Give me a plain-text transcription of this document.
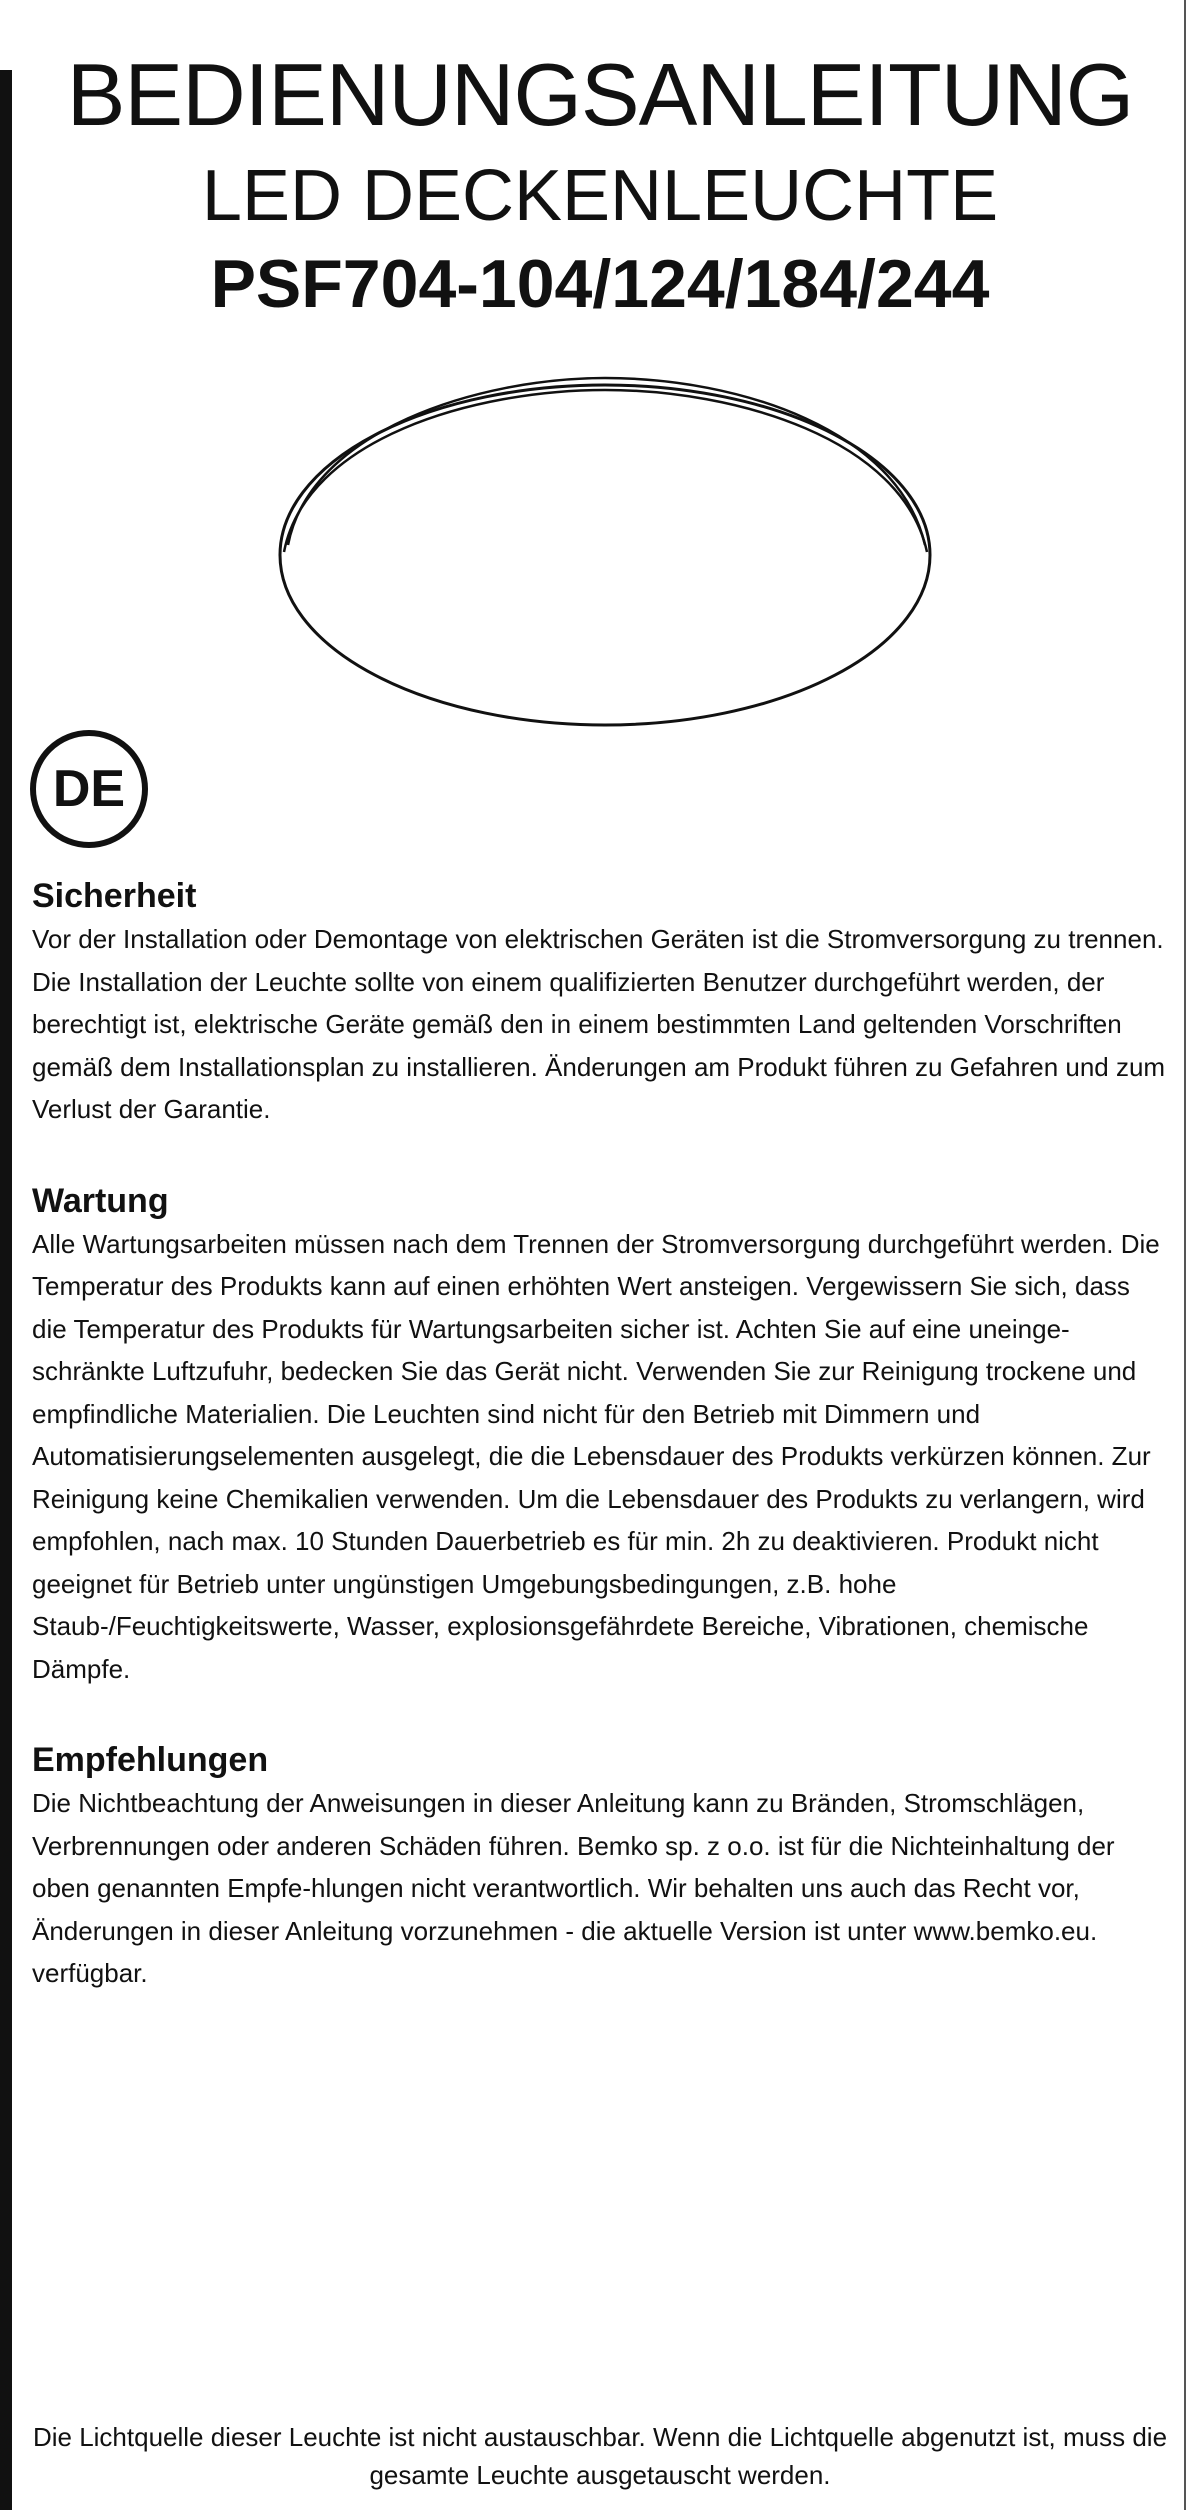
BEDIENUNGSANLEITUNG
LED DECKENLEUCHTE
PSF704-104/124/184/244
DE
Sicherheit

Vor der Installation oder Demontage von elektrischen Geräten ist die Stromversorgung zu trennen. Die Installation der Leuchte sollte von einem qualifizierten Benutzer durchgeführt werden, der berechtigt ist, elektrische Geräte gemäß den in einem bestimmten Land geltenden Vorschriften gemäß dem Installationsplan zu installieren. Änderungen am Produkt führen zu Gefahren und zum Verlust der Garantie.

Wartung

Alle Wartungsarbeiten müssen nach dem Trennen der Stromversorgung durchgeführt werden. Die Temperatur des Produkts kann auf einen erhöhten Wert ansteigen. Vergewissern Sie sich, dass die Temperatur des Produkts für Wartungsarbeiten sicher ist. Achten Sie auf eine uneinge-schränkte Luftzufuhr, bedecken Sie das Gerät nicht. Verwenden Sie zur Reinigung trockene und empfindliche Materialien. Die Leuchten sind nicht für den Betrieb mit Dimmern und Automatisierungselementen ausgelegt, die die Lebensdauer des Produkts verkürzen können. Zur Reinigung keine Chemikalien verwenden. Um die Lebensdauer des Produkts zu verlangern, wird empfohlen, nach max. 10 Stunden Dauerbetrieb es für min. 2h zu deaktivieren. Produkt nicht geeignet für Betrieb unter ungünstigen Umgebungsbedingungen, z.B. hohe Staub-/Feuchtigkeitswerte, Wasser, explosionsgefährdete Bereiche, Vibrationen, chemische Dämpfe.

Empfehlungen

Die Nichtbeachtung der Anweisungen in dieser Anleitung kann zu Bränden, Stromschlägen, Verbrennungen oder anderen Schäden führen. Bemko sp. z o.o. ist für die Nichteinhaltung der oben genannten Empfe-hlungen nicht verantwortlich. Wir behalten uns auch das Recht vor, Änderungen in dieser Anleitung vorzunehmen - die aktuelle Version ist unter www.bemko.eu. verfügbar.

Die Lichtquelle dieser Leuchte ist nicht austauschbar. Wenn die Lichtquelle abgenutzt ist, muss die gesamte Leuchte ausgetauscht werden.
